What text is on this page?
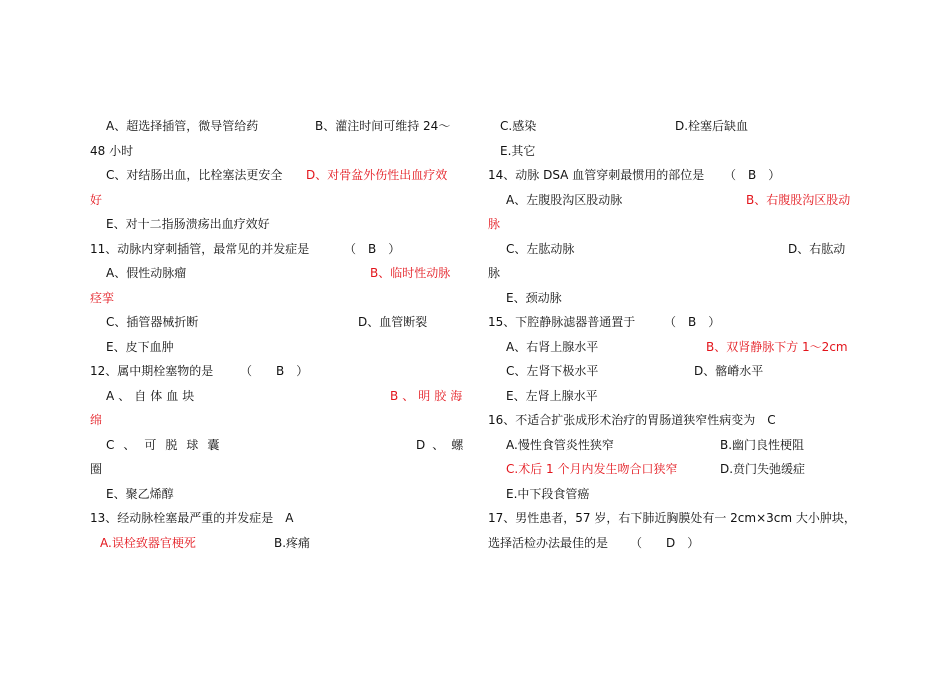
A、超选择插管，微导管给药	B、灌注时间可维持 24～
48 小时
C、对结肠出血，比栓塞法更安全 D、对骨盆外伤性出血疗效
好
E、对十二指肠溃疡出血疗效好
11、动脉内穿刺插管，最常见的并发症是	（　B　）
A、假性动脉瘤	B、临时性动脉
痉挛
C、插管器械折断	D、血管断裂
E、皮下血肿
12、属中期栓塞物的是 （　　B　）
A、自体血块	B、明胶海
绵
C、可脱球囊	D、螺
圈
E、聚乙烯醇
13、经动脉栓塞最严重的并发症是　A
A.误栓致器官梗死	B.疼痛
C.感染	D.栓塞后缺血
E.其它
14、动脉 DSA 血管穿刺最惯用的部位是 （　B　）
A、左腹股沟区股动脉	B、右腹股沟区股动
脉
C、左肱动脉	D、右肱动
脉
E、颈动脉
15、下腔静脉滤器普通置于 （　B　）
A、右肾上腺水平	B、双肾静脉下方 1～2cm
C、左肾下极水平	D、髂嵴水平
E、左肾上腺水平
16、不适合扩张成形术治疗的胃肠道狭窄性病变为　C
A.慢性食管炎性狭窄	B.幽门良性梗阻
C.术后 1 个月内发生吻合口狭窄	D.贲门失弛缓症
E.中下段食管癌
17、男性患者，57 岁，右下肺近胸膜处有一 2cm×3cm 大小肿块，
选择活检办法最佳的是 （　　D　）
